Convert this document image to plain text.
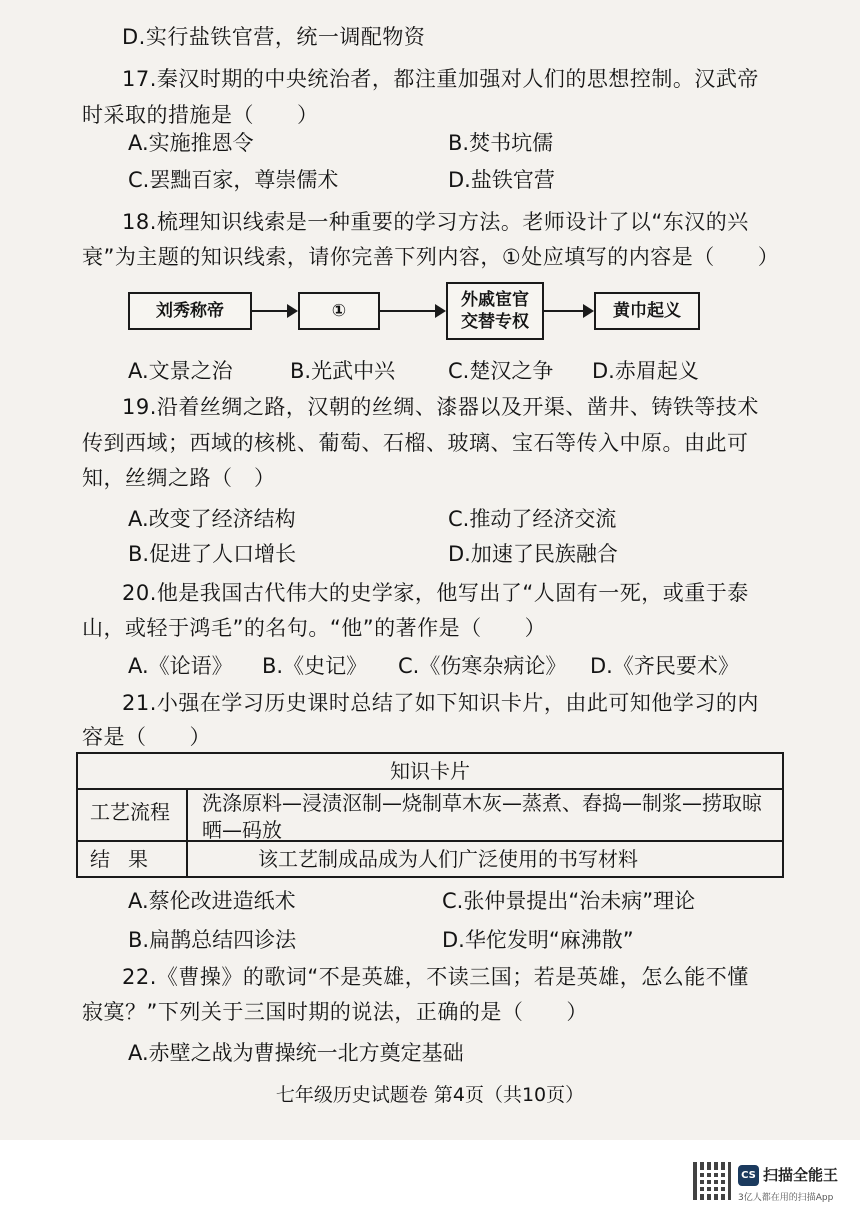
D.实行盐铁官营，统一调配物资
17.秦汉时期的中央统治者，都注重加强对人们的思想控制。汉武帝
时采取的措施是（　　）
A.实施推恩令	B.焚书坑儒
C.罢黜百家，尊崇儒术	D.盐铁官营
18.梳理知识线索是一种重要的学习方法。老师设计了以“东汉的兴
衰”为主题的知识线索，请你完善下列内容，①处应填写的内容是（　　）
刘秀称帝	①
外戚宦官
交替专权
黄巾起义
A.文景之治	B.光武中兴	C.楚汉之争 D.赤眉起义
19.沿着丝绸之路，汉朝的丝绸、漆器以及开渠、凿井、铸铁等技术
传到西域；西域的核桃、葡萄、石榴、玻璃、宝石等传入中原。由此可
知，丝绸之路（　）
A.改变了经济结构	C.推动了经济交流
B.促进了人口增长	D.加速了民族融合
20.他是我国古代伟大的史学家，他写出了“人固有一死，或重于泰
山，或轻于鸿毛”的名句。“他”的著作是（　　）
A.《论语》 B.《史记》 C.《伤寒杂病论》 D.《齐民要术》
21.小强在学习历史课时总结了如下知识卡片，由此可知他学习的内
容是（　　）
知识卡片
工艺流程	洗涤原料—浸渍沤制—烧制草木灰—蒸煮、舂捣—制浆—捞取晾晒—码放
结果	该工艺制成品成为人们广泛使用的书写材料
A.蔡伦改进造纸术	C.张仲景提出“治未病”理论
B.扁鹊总结四诊法	D.华佗发明“麻沸散”
22.《曹操》的歌词“不是英雄，不读三国；若是英雄，怎么能不懂
寂寞？”下列关于三国时期的说法，正确的是（　　）
A.赤壁之战为曹操统一北方奠定基础
七年级历史试题卷 第4页（共10页）
CS 扫描全能王
3亿人都在用的扫描App
